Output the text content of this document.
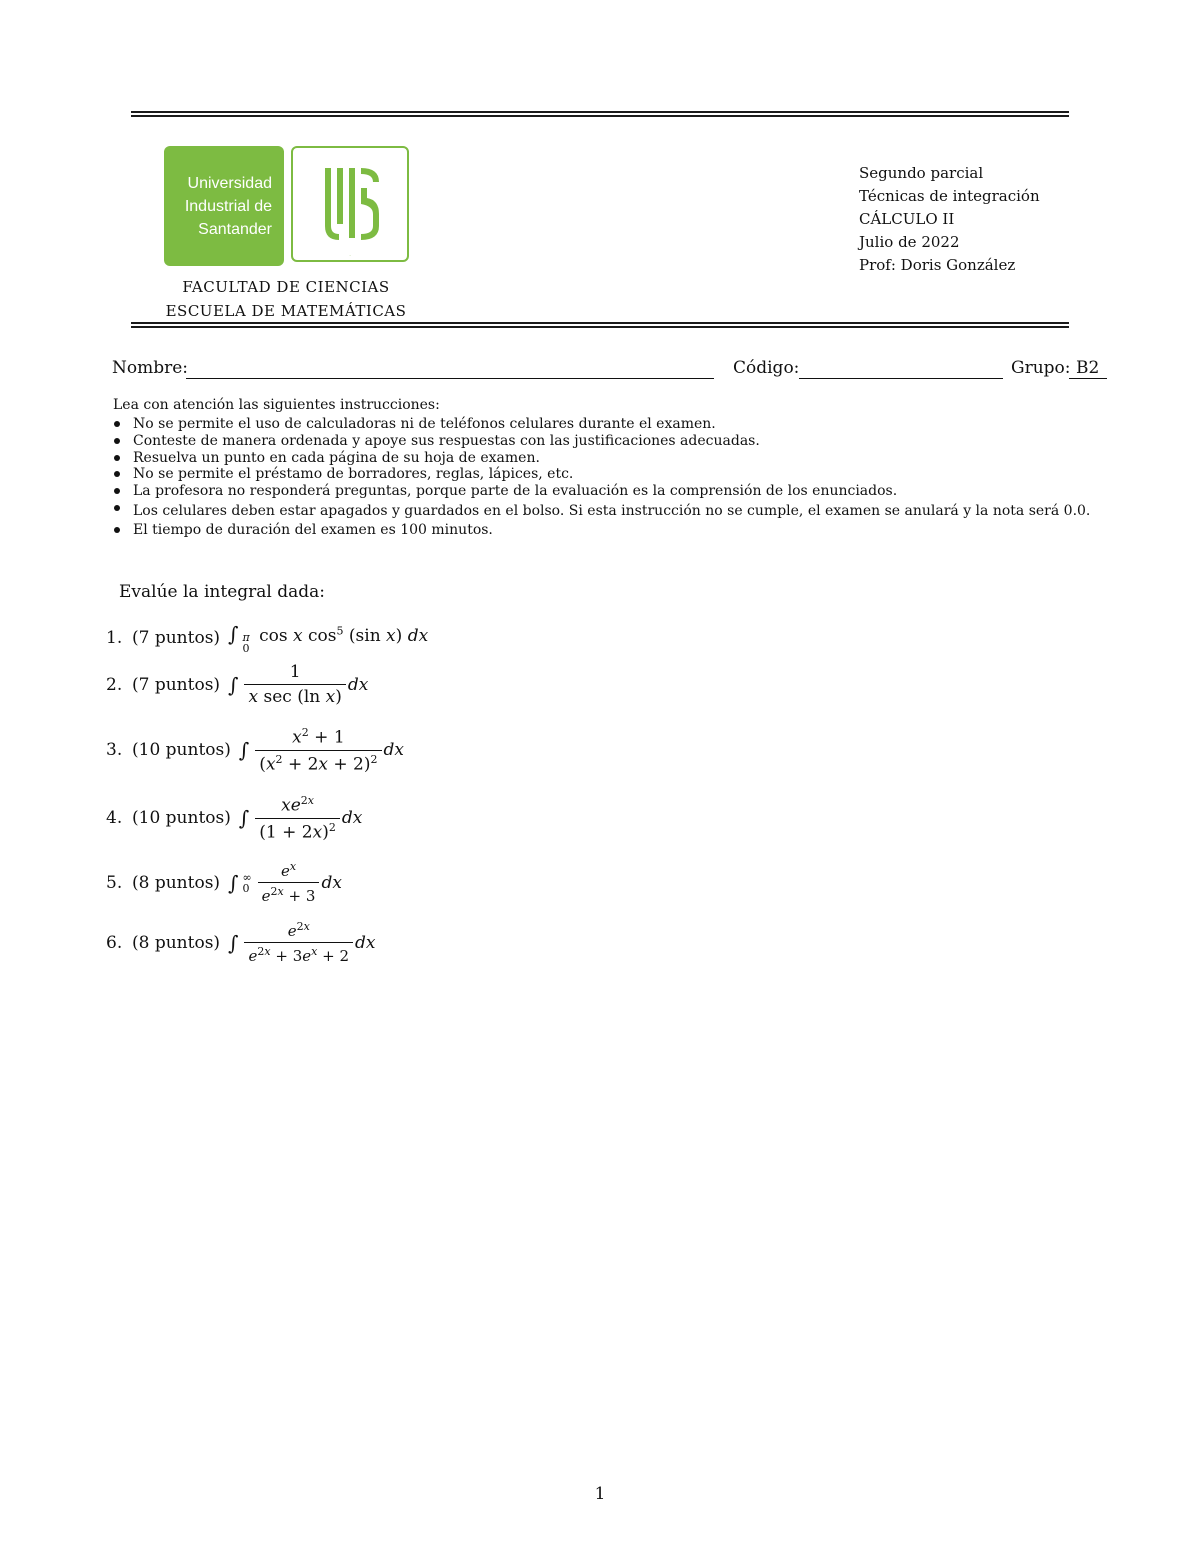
Universidad
Industrial de
Santander
UIS
FACULTAD DE CIENCIAS
ESCUELA DE MATEMÁTICAS
Segundo parcial
Técnicas de integración
CÁLCULO II
Julio de 2022
Prof: Doris González
Nombre:	Código:	Grupo: B2
Lea con atención las siguientes instrucciones:
No se permite el uso de calculadoras ni de teléfonos celulares durante el examen.
Conteste de manera ordenada y apoye sus respuestas con las justificaciones adecuadas.
Resuelva un punto en cada página de su hoja de examen.
No se permite el préstamo de borradores, reglas, lápices, etc.
La profesora no responderá preguntas, porque parte de la evaluación es la comprensión de los enunciados.
Los celulares deben estar apagados y guardados en el bolso. Si esta instrucción no se cumple, el examen se anulará y la nota será 0.0.
El tiempo de duración del examen es 100 minutos.
Evalúe la integral dada:
1. (7 puntos) ∫ π
0
cos x $\cos^5 (\sin$ x) dx
2. (7 puntos) ∫ $\frac{1}{\text{x sec (ln x)}}$ dx
3. (10 puntos) ∫ $\frac{x^2 + 1}{(x^2 + 2x + 2)^2}$ dx
4. (10 puntos) ∫ $\frac{xe^{2x}}{(1 + 2x)^2}$ dx
5. (8 puntos) ∫ ∞
$0 \frac{e^x}{e^{2x} + 3}$ dx
6. (8 puntos) ∫ $\frac{e^{2x}}{e^{2x} + 3e^x + 2}$ dx
1
